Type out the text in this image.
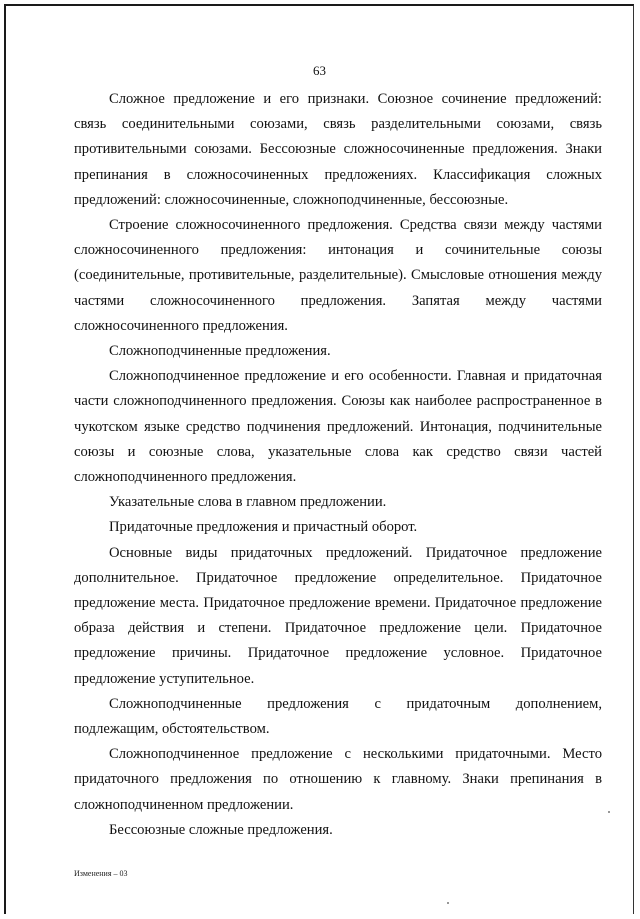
63

Сложное предложение и его признаки. Союзное сочинение предложений: связь соединительными союзами, связь разделительными союзами, связь противительными союзами. Бессоюзные сложносочиненные предложения. Знаки препинания в сложносочиненных предложениях. Классификация сложных предложений: сложносочиненные, сложноподчиненные, бессоюзные.

Строение сложносочиненного предложения. Средства связи между частями сложносочиненного предложения: интонация и сочинительные союзы (соединительные, противительные, разделительные). Смысловые отношения между частями сложносочиненного предложения. Запятая между частями сложносочиненного предложения.

Сложноподчиненные предложения.

Сложноподчиненное предложение и его особенности. Главная и придаточная части сложноподчиненного предложения. Союзы как наиболее распространенное в чукотском языке средство подчинения предложений. Интонация, подчинительные союзы и союзные слова, указательные слова как средство связи частей сложноподчиненного предложения.

Указательные слова в главном предложении.

Придаточные предложения и причастный оборот.

Основные виды придаточных предложений. Придаточное предложение дополнительное. Придаточное предложение определительное. Придаточное предложение места. Придаточное предложение времени. Придаточное предложение образа действия и степени. Придаточное предложение цели. Придаточное предложение причины. Придаточное предложение условное. Придаточное предложение уступительное.

Сложноподчиненные предложения с придаточным дополнением, подлежащим, обстоятельством.

Сложноподчиненное предложение с несколькими придаточными. Место придаточного предложения по отношению к главному. Знаки препинания в сложноподчиненном предложении.

Бессоюзные сложные предложения.

Изменения – 03
